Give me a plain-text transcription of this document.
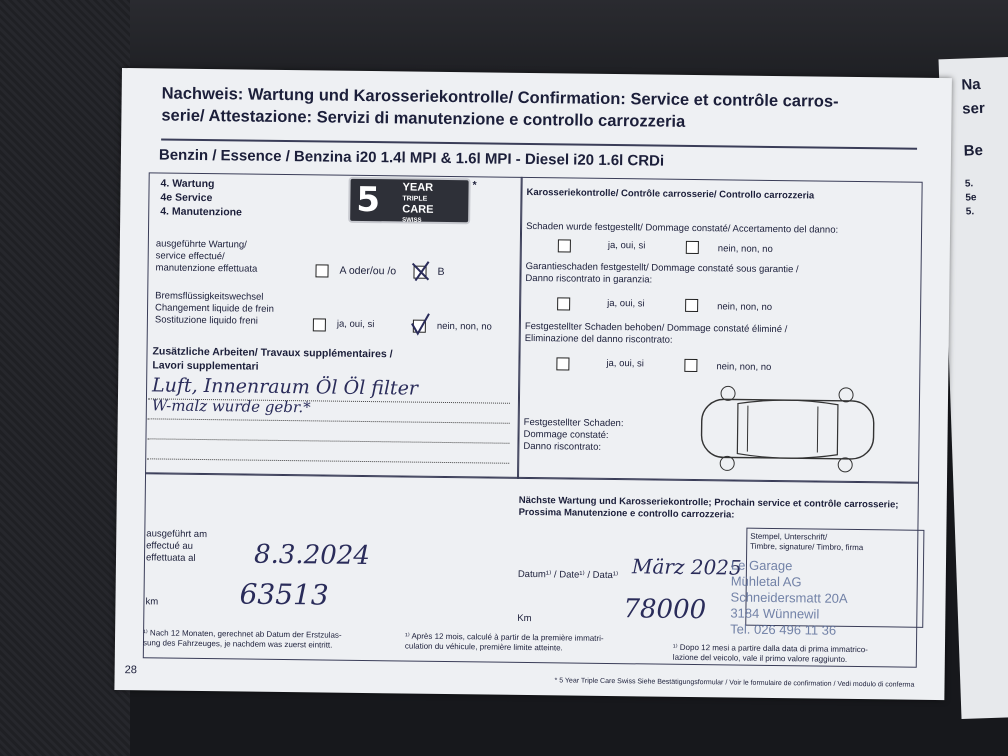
Na
ser
Be
5.
5e
5.
Nachweis: Wartung und Karosseriekontrolle/ Confirmation: Service et contrôle carros-
serie/ Attestazione: Servizi di manutenzione e controllo carrozzeria
Benzin / Essence / Benzina i20 1.4l MPI & 1.6l MPI - Diesel i20 1.6l CRDi
4. Wartung
4e Service
4. Manutenzione	5 YEAR
TRIPLE
CARE
SWISS
*
ausgeführte Wartung/
service effectué/
manutenzione effettuata	A oder/ou /o	B
Bremsflüssigkeitswechsel
Changement liquide de frein
Sostituzione liquido freni	ja, oui, si	nein, non, no
Zusätzliche Arbeiten/ Travaux supplémentaires /
Lavori supplementari
Luft, Innenraum Öl Öl filter
W-malz wurde gebr.*
Karosseriekontrolle/ Contrôle carrosserie/ Controllo carrozzeria
Schaden wurde festgestellt/ Dommage constaté/ Accertamento del danno:
ja, oui, si	nein, non, no
Garantieschaden festgestellt/ Dommage constaté sous garantie /
Danno riscontrato in garanzia:
ja, oui, si	nein, non, no
Festgestellter Schaden behoben/ Dommage constaté éliminé /
Eliminazione del danno riscontrato:
ja, oui, si	nein, non, no
Festgestellter Schaden:
Dommage constaté:
Danno riscontrato:
ausgeführt am
effectué au
effettuata al	8.3.2024
km	63513
¹⁾ Nach 12 Monaten, gerechnet ab Datum der Erstzulas-
sung des Fahrzeuges, je nachdem was zuerst eintritt.
Nächste Wartung und Karosseriekontrolle; Prochain service et contrôle carrosserie;
Prossima Manutenzione e controllo carrozzeria:
Datum¹⁾ / Date¹⁾ / Data¹⁾ März 2025
Km	78000
Stempel, Unterschrift/
Timbre, signature/ Timbro, firma
Le Garage
Mühletal AG
Schneidersmatt 20A
3184 Wünnewil
Tel. 026 496 11 36
¹⁾ Après 12 mois, calculé à partir de la première immatri-
culation du véhicule, première limite atteinte.	¹⁾ Dopo 12 mesi a partire dalla data di prima immatrico-
lazione del veicolo, vale il primo valore raggiunto.
28
* 5 Year Triple Care Swiss Siehe Bestätigungsformular / Voir le formulaire de confirmation / Vedi modulo di conferma
